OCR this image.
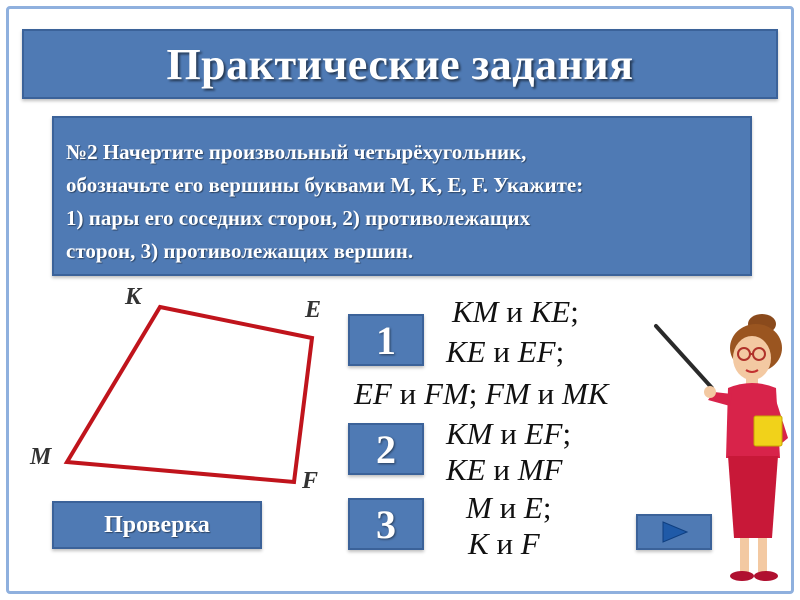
Практические задания
№2 Начертите произвольный четырёхугольник,
обозначьте его вершины буквами М, K, Е, F. Укажите:
1) пары его соседних сторон, 2) противолежащих
сторон, 3) противолежащих вершин.
К	Е
М
F
1
2
3
KM и KE;
KE и EF;
EF и FM; FM и MK
KM и EF;
KE и MF
M и E;
K и F
Проверка
